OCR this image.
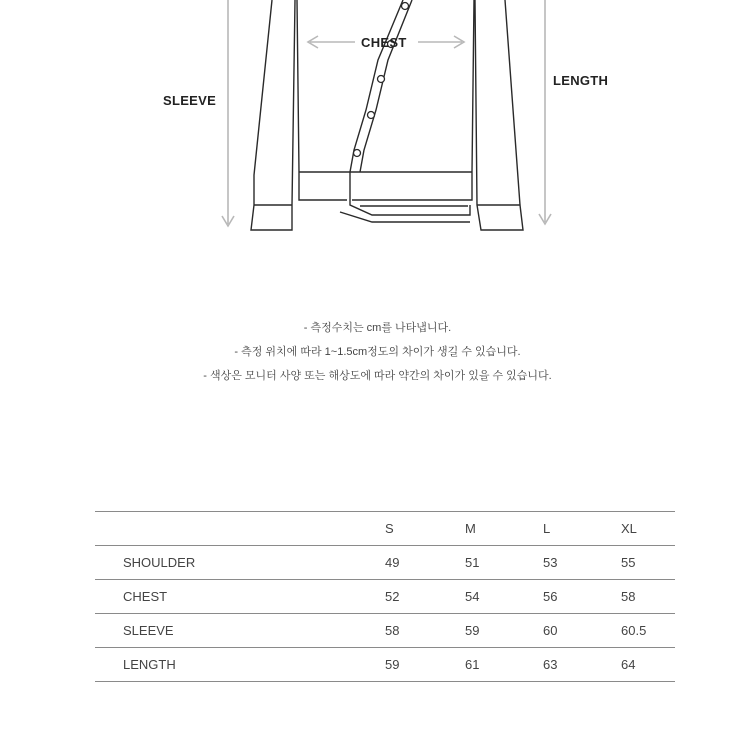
CHEST
SLEEVE
LENGTH
- 측정수치는 cm를 나타냅니다.
- 측정 위치에 따라 1~1.5cm정도의 차이가 생길 수 있습니다.
- 색상은 모니터 사양 또는 해상도에 따라 약간의 차이가 있을 수 있습니다.
	S	M	L	XL
SHOULDER	49	51	53	55
CHEST	52	54	56	58
SLEEVE	58	59	60	60.5
LENGTH	59	61	63	64
